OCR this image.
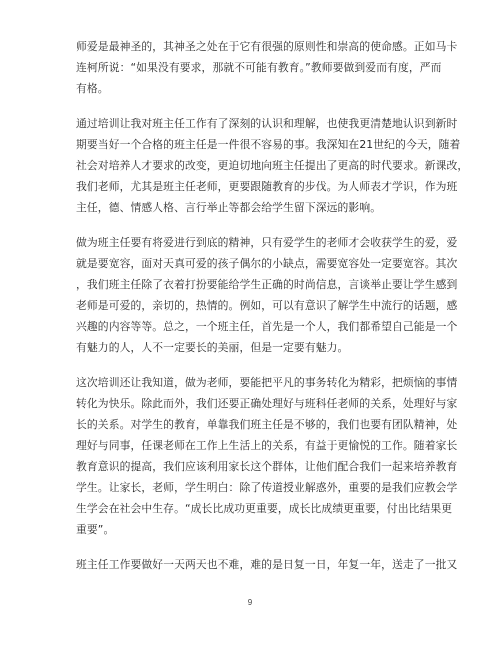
师爱是最神圣的，其神圣之处在于它有很强的原则性和崇高的使命感。正如马卡
连柯所说：“如果没有要求，那就不可能有教育。”教师要做到爱而有度，严而
有格。

通过培训让我对班主任工作有了深刻的认识和理解，也使我更清楚地认识到新时
期要当好一个合格的班主任是一件很不容易的事。我深知在21世纪的今天，随着
社会对培养人才要求的改变，更迫切地向班主任提出了更高的时代要求。新课改，
我们老师，尤其是班主任老师，更要跟随教育的步伐。为人师表才学识，作为班
主任，德、情感人格、言行举止等都会给学生留下深远的影响。

做为班主任要有将爱进行到底的精神，只有爱学生的老师才会收获学生的爱，爱
就是要宽容，面对天真可爱的孩子偶尔的小缺点，需要宽容处一定要宽容。其次
，我们班主任除了衣着打扮要能给学生正确的时尚信息，言谈举止要让学生感到
老师是可爱的，亲切的，热情的。例如，可以有意识了解学生中流行的话题，感
兴趣的内容等等。总之，一个班主任，首先是一个人，我们都希望自己能是一个
有魅力的人，人不一定要长的美丽，但是一定要有魅力。

这次培训还让我知道，做为老师，要能把平凡的事务转化为精彩，把烦恼的事情
转化为快乐。除此而外，我们还要正确处理好与班科任老师的关系，处理好与家
长的关系。对学生的教育，单靠我们班主任是不够的，我们也要有团队精神，处
理好与同事，任课老师在工作上生活上的关系，有益于更愉悦的工作。随着家长
教育意识的提高，我们应该利用家长这个群体，让他们配合我们一起来培养教育
学生。让家长，老师，学生明白：除了传道授业解惑外，重要的是我们应教会学
生学会在社会中生存。“成长比成功更重要，成长比成绩更重要，付出比结果更
重要”。

班主任工作要做好一天两天也不难，难的是日复一日，年复一年，送走了一批又

9
